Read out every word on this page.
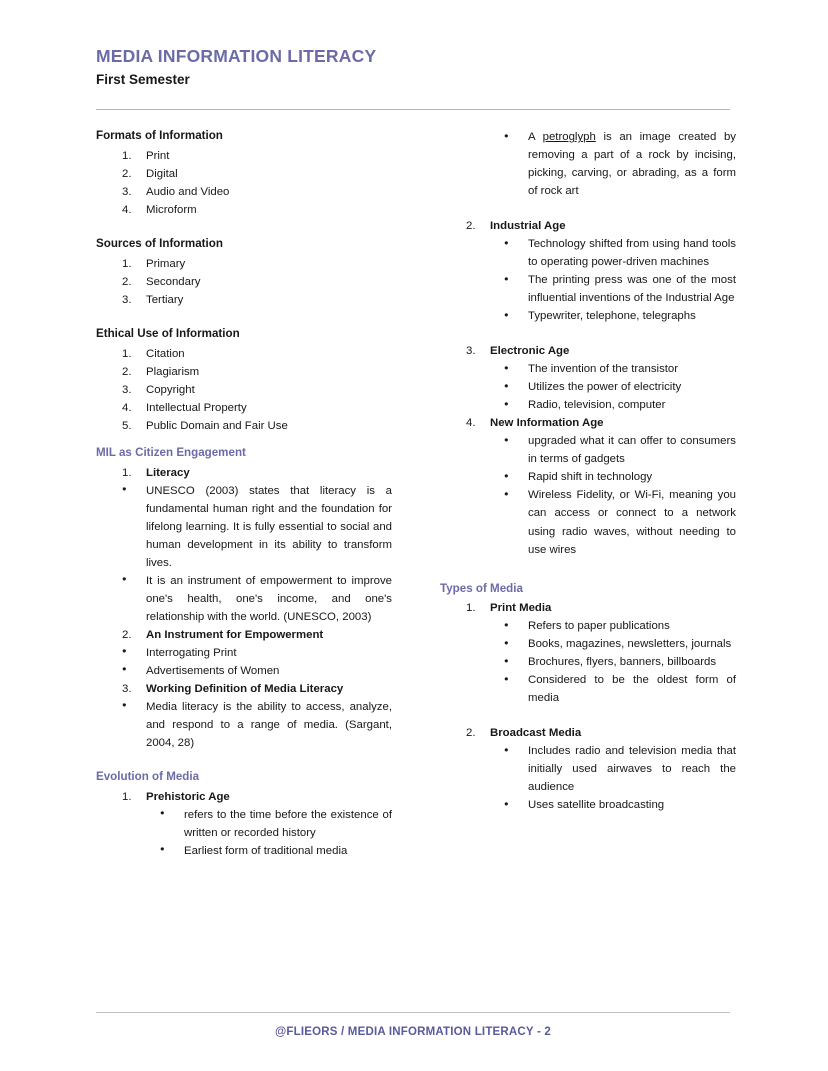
MEDIA INFORMATION LITERACY
First Semester
Formats of Information
1.	Print
2.	Digital
3.	Audio and Video
4.	Microform
Sources of Information
1.	Primary
2.	Secondary
3.	Tertiary
Ethical Use of Information
1.	Citation
2.	Plagiarism
3.	Copyright
4.	Intellectual Property
5.	Public Domain and Fair Use
MIL as Citizen Engagement
1.	Literacy
●
UNESCO (2003) states that literacy is a fundamental human right and the foundation for lifelong learning. It is fully essential to social and human development in its ability to transform lives.
●
It is an instrument of empowerment to improve one's health, one's income, and one's relationship with the world. (UNESCO, 2003)
2.	An Instrument for Empowerment
●
Interrogating Print
●
Advertisements of Women
3.	Working Definition of Media Literacy
●
Media literacy is the ability to access, analyze, and respond to a range of media. (Sargant, 2004, 28)
Evolution of Media
1.	Prehistoric Age
●
refers to the time before the existence of written or recorded history
●
Earliest form of traditional media
●
A petroglyph is an image created by removing a part of a rock by incising, picking, carving, or abrading, as a form of rock art
2.	Industrial Age
●
Technology shifted from using hand tools to operating power-driven machines
●
The printing press was one of the most influential inventions of the Industrial Age
●
Typewriter, telephone, telegraphs
3.	Electronic Age
●
The invention of the transistor
●
Utilizes the power of electricity
●
Radio, television, computer
4.	New Information Age
●
upgraded what it can offer to consumers in terms of gadgets
●
Rapid shift in technology
●
Wireless Fidelity, or Wi-Fi, meaning you can access or connect to a network using radio waves, without needing to use wires
Types of Media
1.	Print Media
●
Refers to paper publications
●
Books, magazines, newsletters, journals
●
Brochures, flyers, banners, billboards
●
Considered to be the oldest form of media
2.	Broadcast Media
●
Includes radio and television media that initially used airwaves to reach the audience
●
Uses satellite broadcasting
@FLIEORS / MEDIA INFORMATION LITERACY - 2
